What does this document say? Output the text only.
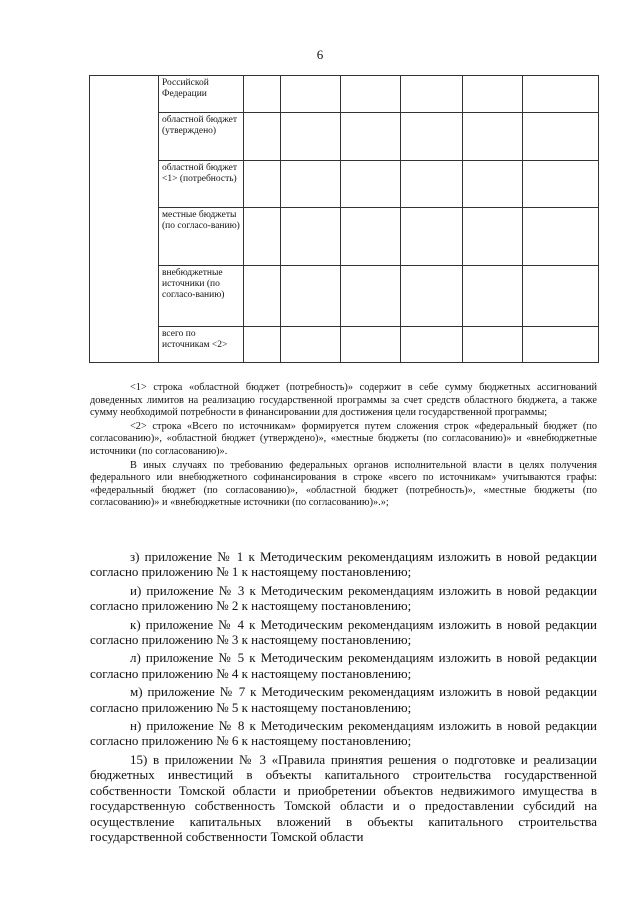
6
	Российской Федерации						
	областной бюджет (утверждено)						
	областной бюджет <1> (потребность)						
	местные бюджеты (по согласо-ванию)						
	внебюджетные источники (по согласо-ванию)						
	всего по источникам <2>						

<1> строка «областной бюджет (потребность)» содержит в себе сумму бюджетных ассигнований доведенных лимитов на реализацию государственной программы за счет средств областного бюджета, а также сумму необходимой потребности в финансировании для достижения цели государственной программы;

<2> строка «Всего по источникам» формируется путем сложения строк «федеральный бюджет (по согласованию)», «областной бюджет (утверждено)», «местные бюджеты (по согласованию)» и «внебюджетные источники (по согласованию)».

В иных случаях по требованию федеральных органов исполнительной власти в целях получения федерального или внебюджетного софинансирования в строке «всего по источникам» учитываются графы: «федеральный бюджет (по согласованию)», «областной бюджет (потребность)», «местные бюджеты (по согласованию)» и «внебюджетные источники (по согласованию)».»;

з) приложение № 1 к Методическим рекомендациям изложить в новой редакции согласно приложению № 1 к настоящему постановлению;

и) приложение № 3 к Методическим рекомендациям изложить в новой редакции согласно приложению № 2 к настоящему постановлению;

к) приложение № 4 к Методическим рекомендациям изложить в новой редакции согласно приложению № 3 к настоящему постановлению;

л) приложение № 5 к Методическим рекомендациям изложить в новой редакции согласно приложению № 4 к настоящему постановлению;

м) приложение № 7 к Методическим рекомендациям изложить в новой редакции согласно приложению № 5 к настоящему постановлению;

н) приложение № 8 к Методическим рекомендациям изложить в новой редакции согласно приложению № 6 к настоящему постановлению;

15) в приложении № 3 «Правила принятия решения о подготовке и реализации бюджетных инвестиций в объекты капитального строительства государственной собственности Томской области и приобретении объектов недвижимого имущества в государственную собственность Томской области и о предоставлении субсидий на осуществление капитальных вложений в объекты капитального строительства государственной собственности Томской области
